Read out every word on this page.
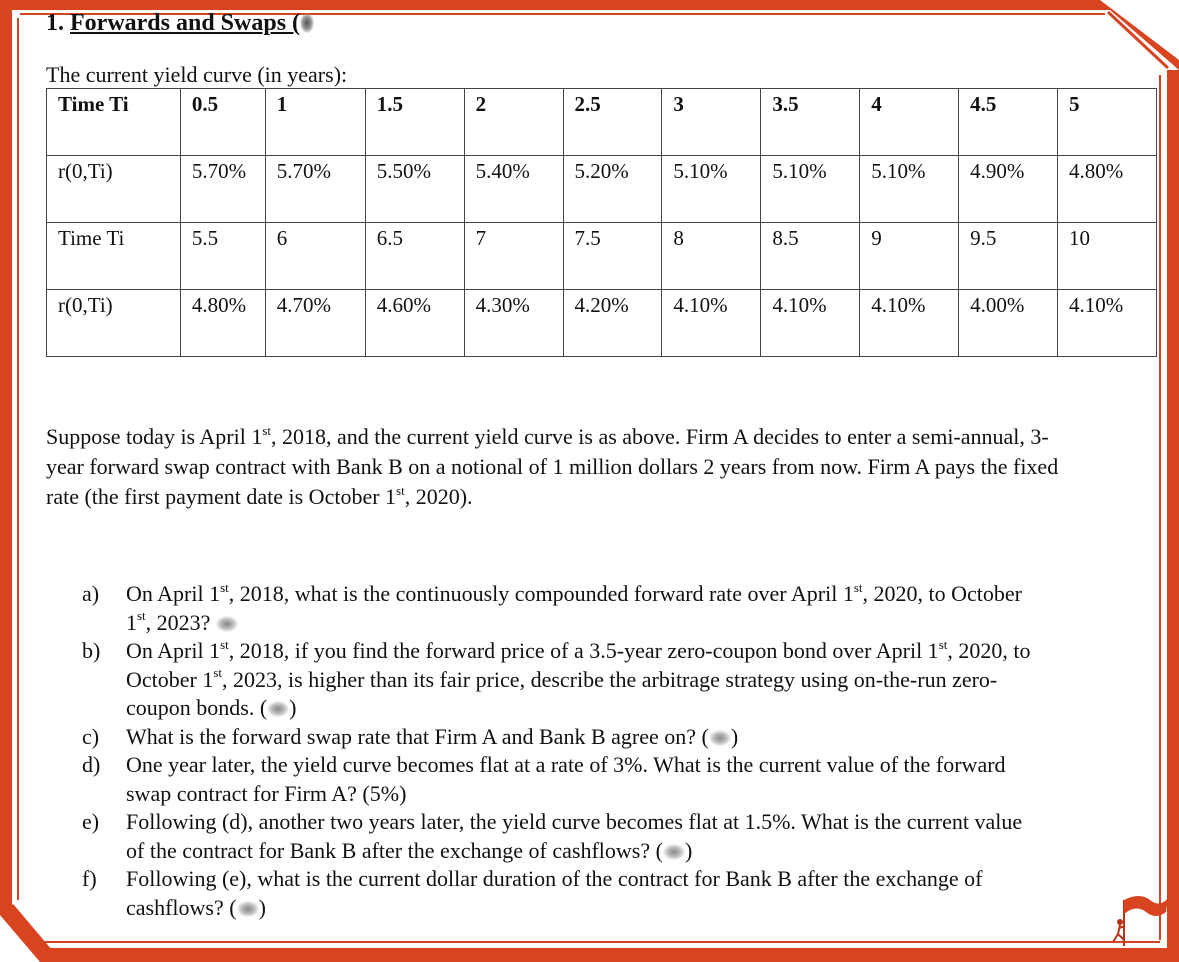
1. Forwards and Swaps (
The current yield curve (in years):
Time Ti	0.5	1	1.5	2	2.5	3	3.5	4	4.5	5
r(0,Ti)	5.70%	5.70%	5.50%	5.40%	5.20%	5.10%	5.10%	5.10%	4.90%	4.80%
Time Ti	5.5	6	6.5	7	7.5	8	8.5	9	9.5	10
r(0,Ti)	4.80%	4.70%	4.60%	4.30%	4.20%	4.10%	4.10%	4.10%	4.00%	4.10%
Suppose today is April 1st, 2018, and the current yield curve is as above. Firm A decides to enter a semi-annual, 3-year forward swap contract with Bank B on a notional of 1 million dollars 2 years from now. Firm A pays the fixed rate (the first payment date is October 1st, 2020).
a)	On April 1st, 2018, what is the continuously compounded forward rate over April 1st, 2020, to October 1st, 2023?
b)	On April 1st, 2018, if you find the forward price of a 3.5-year zero-coupon bond over April 1st, 2020, to October 1st, 2023, is higher than its fair price, describe the arbitrage strategy using on-the-run zero-coupon bonds. ( )
c)	What is the forward swap rate that Firm A and Bank B agree on? ( )
d)	One year later, the yield curve becomes flat at a rate of 3%. What is the current value of the forward swap contract for Firm A? (5%)
e)	Following (d), another two years later, the yield curve becomes flat at 1.5%. What is the current value of the contract for Bank B after the exchange of cashflows? ( )
f)	Following (e), what is the current dollar duration of the contract for Bank B after the exchange of cashflows? ( )
